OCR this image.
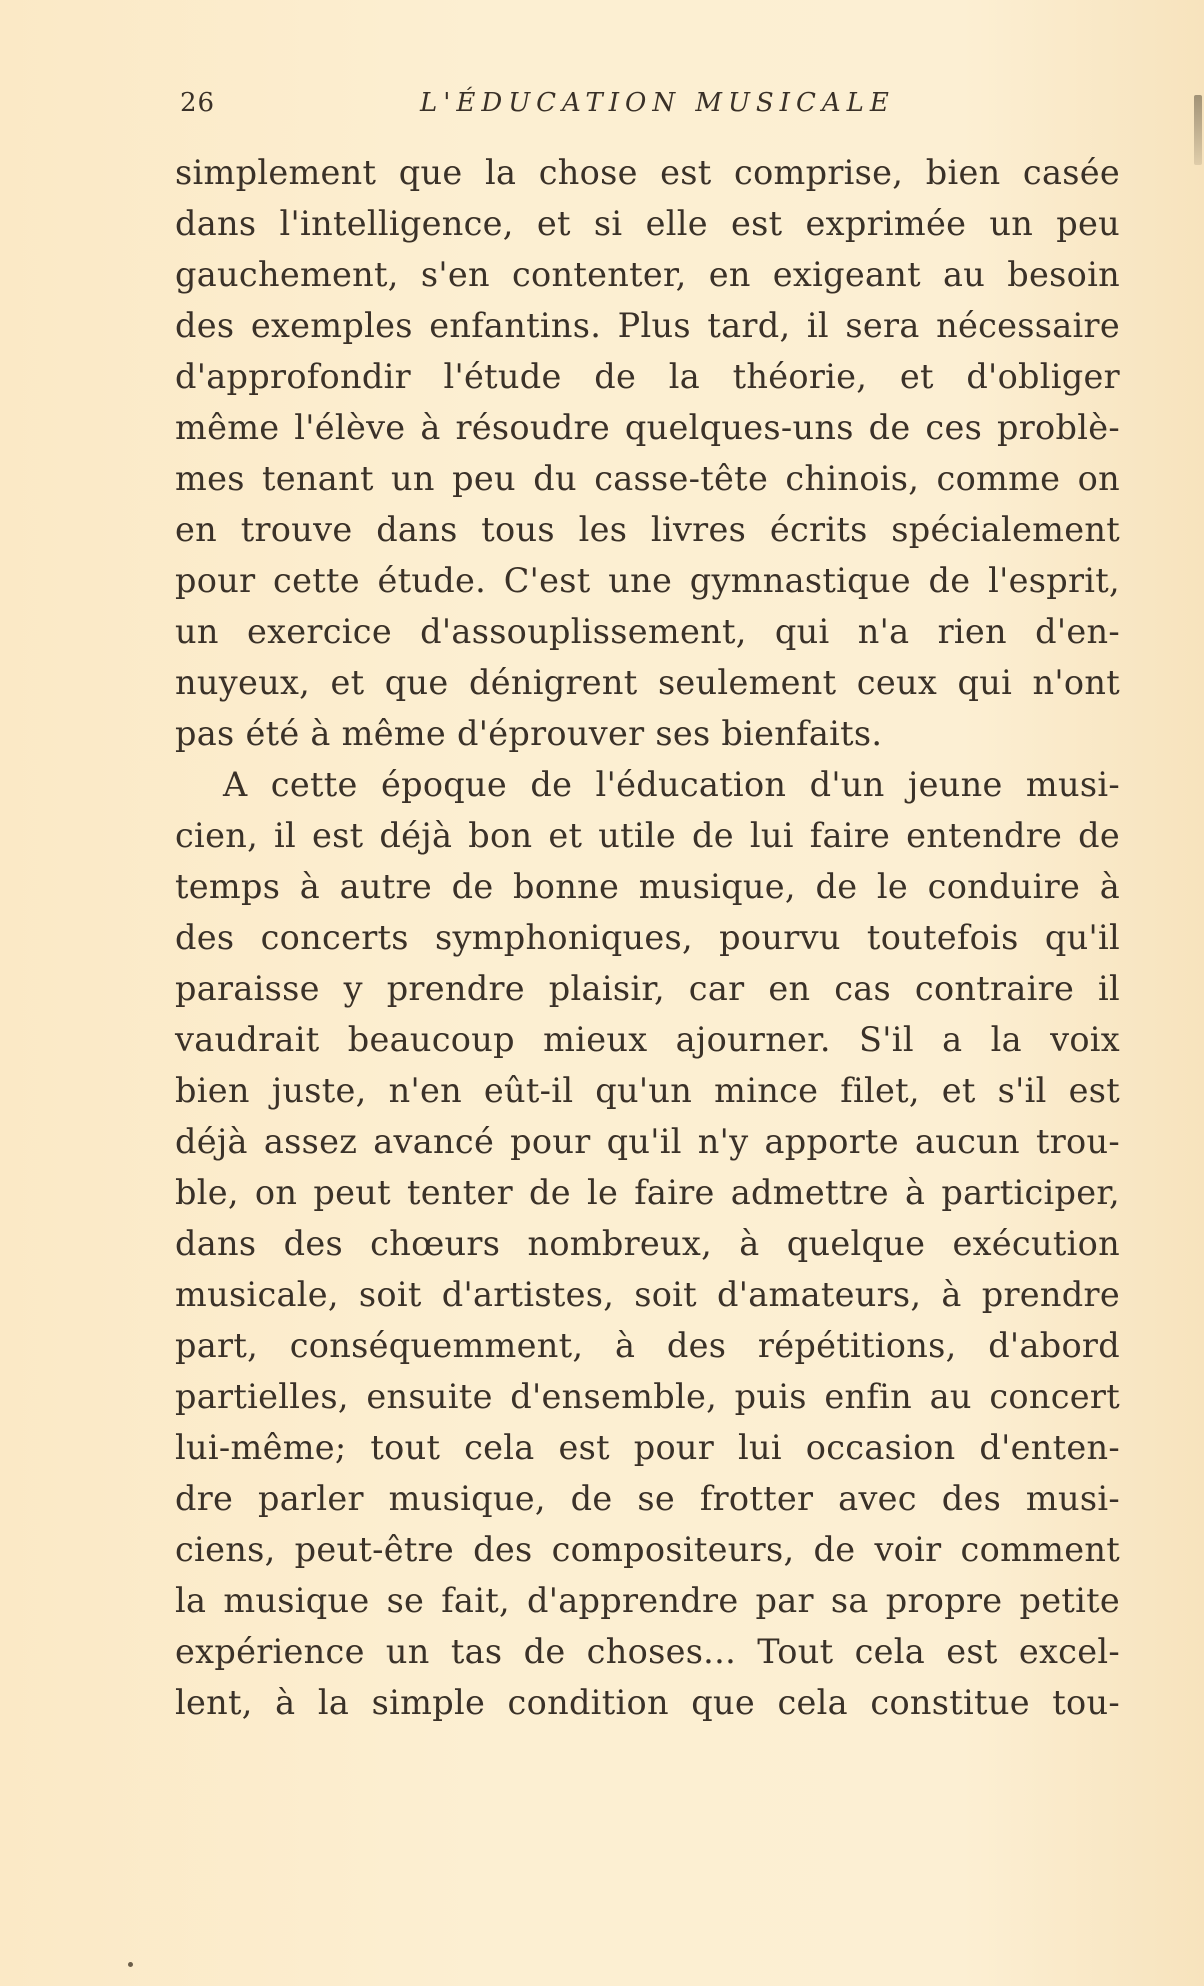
26	L'ÉDUCATION MUSICALE
simplement que la chose est comprise, bien casée
dans l'intelligence, et si elle est exprimée un peu
gauchement, s'en contenter, en exigeant au besoin
des exemples enfantins. Plus tard, il sera nécessaire
d'approfondir l'étude de la théorie, et d'obliger
même l'élève à résoudre quelques-uns de ces problè-
mes tenant un peu du casse-tête chinois, comme on
en trouve dans tous les livres écrits spécialement
pour cette étude. C'est une gymnastique de l'esprit,
un exercice d'assouplissement, qui n'a rien d'en-
nuyeux, et que dénigrent seulement ceux qui n'ont
pas été à même d'éprouver ses bienfaits.
A cette époque de l'éducation d'un jeune musi-
cien, il est déjà bon et utile de lui faire entendre de
temps à autre de bonne musique, de le conduire à
des concerts symphoniques, pourvu toutefois qu'il
paraisse y prendre plaisir, car en cas contraire il
vaudrait beaucoup mieux ajourner. S'il a la voix
bien juste, n'en eût-il qu'un mince filet, et s'il est
déjà assez avancé pour qu'il n'y apporte aucun trou-
ble, on peut tenter de le faire admettre à participer,
dans des chœurs nombreux, à quelque exécution
musicale, soit d'artistes, soit d'amateurs, à prendre
part, conséquemment, à des répétitions, d'abord
partielles, ensuite d'ensemble, puis enfin au concert
lui-même; tout cela est pour lui occasion d'enten-
dre parler musique, de se frotter avec des musi-
ciens, peut-être des compositeurs, de voir comment
la musique se fait, d'apprendre par sa propre petite
expérience un tas de choses... Tout cela est excel-
lent, à la simple condition que cela constitue tou-
